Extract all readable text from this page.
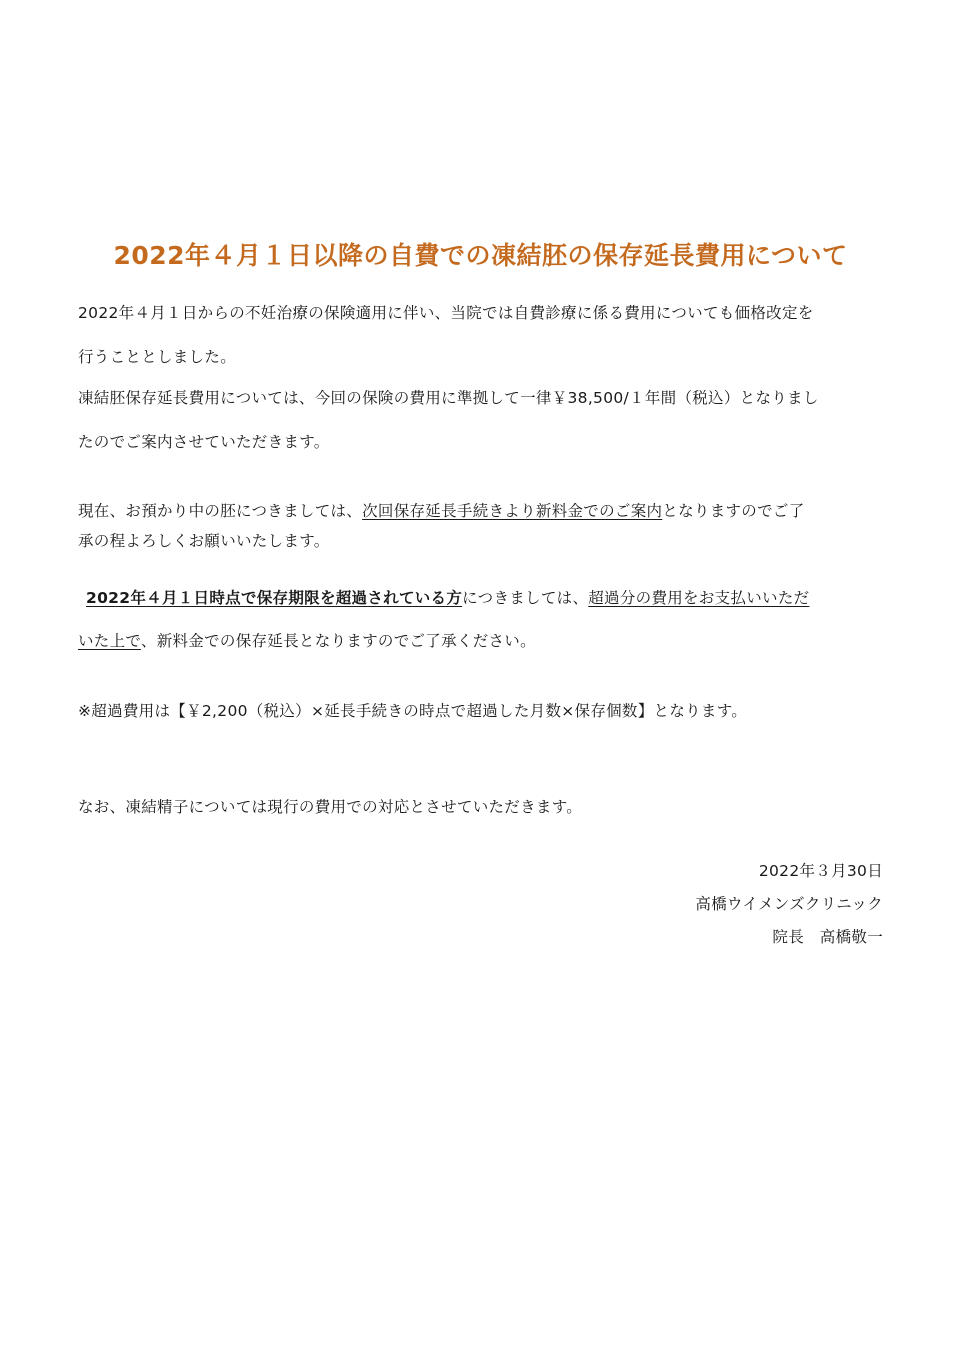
2022年４月１日以降の自費での凍結胚の保存延長費用について
2022年４月１日からの不妊治療の保険適用に伴い、当院では自費診療に係る費用についても価格改定を
行うこととしました。
凍結胚保存延長費用については、今回の保険の費用に準拠して一律￥38,500/１年間（税込）となりまし
たのでご案内させていただきます。
現在、お預かり中の胚につきましては、次回保存延長手続きより新料金でのご案内となりますのでご了
承の程よろしくお願いいたします。
2022年４月１日時点で保存期限を超過されている方につきましては、超過分の費用をお支払いいただ
いた上で、新料金での保存延長となりますのでご了承ください。
※超過費用は【￥2,200（税込）×延長手続きの時点で超過した月数×保存個数】となります。
なお、凍結精子については現行の費用での対応とさせていただきます。
2022年３月30日
高橋ウイメンズクリニック
院長　高橋敬一
